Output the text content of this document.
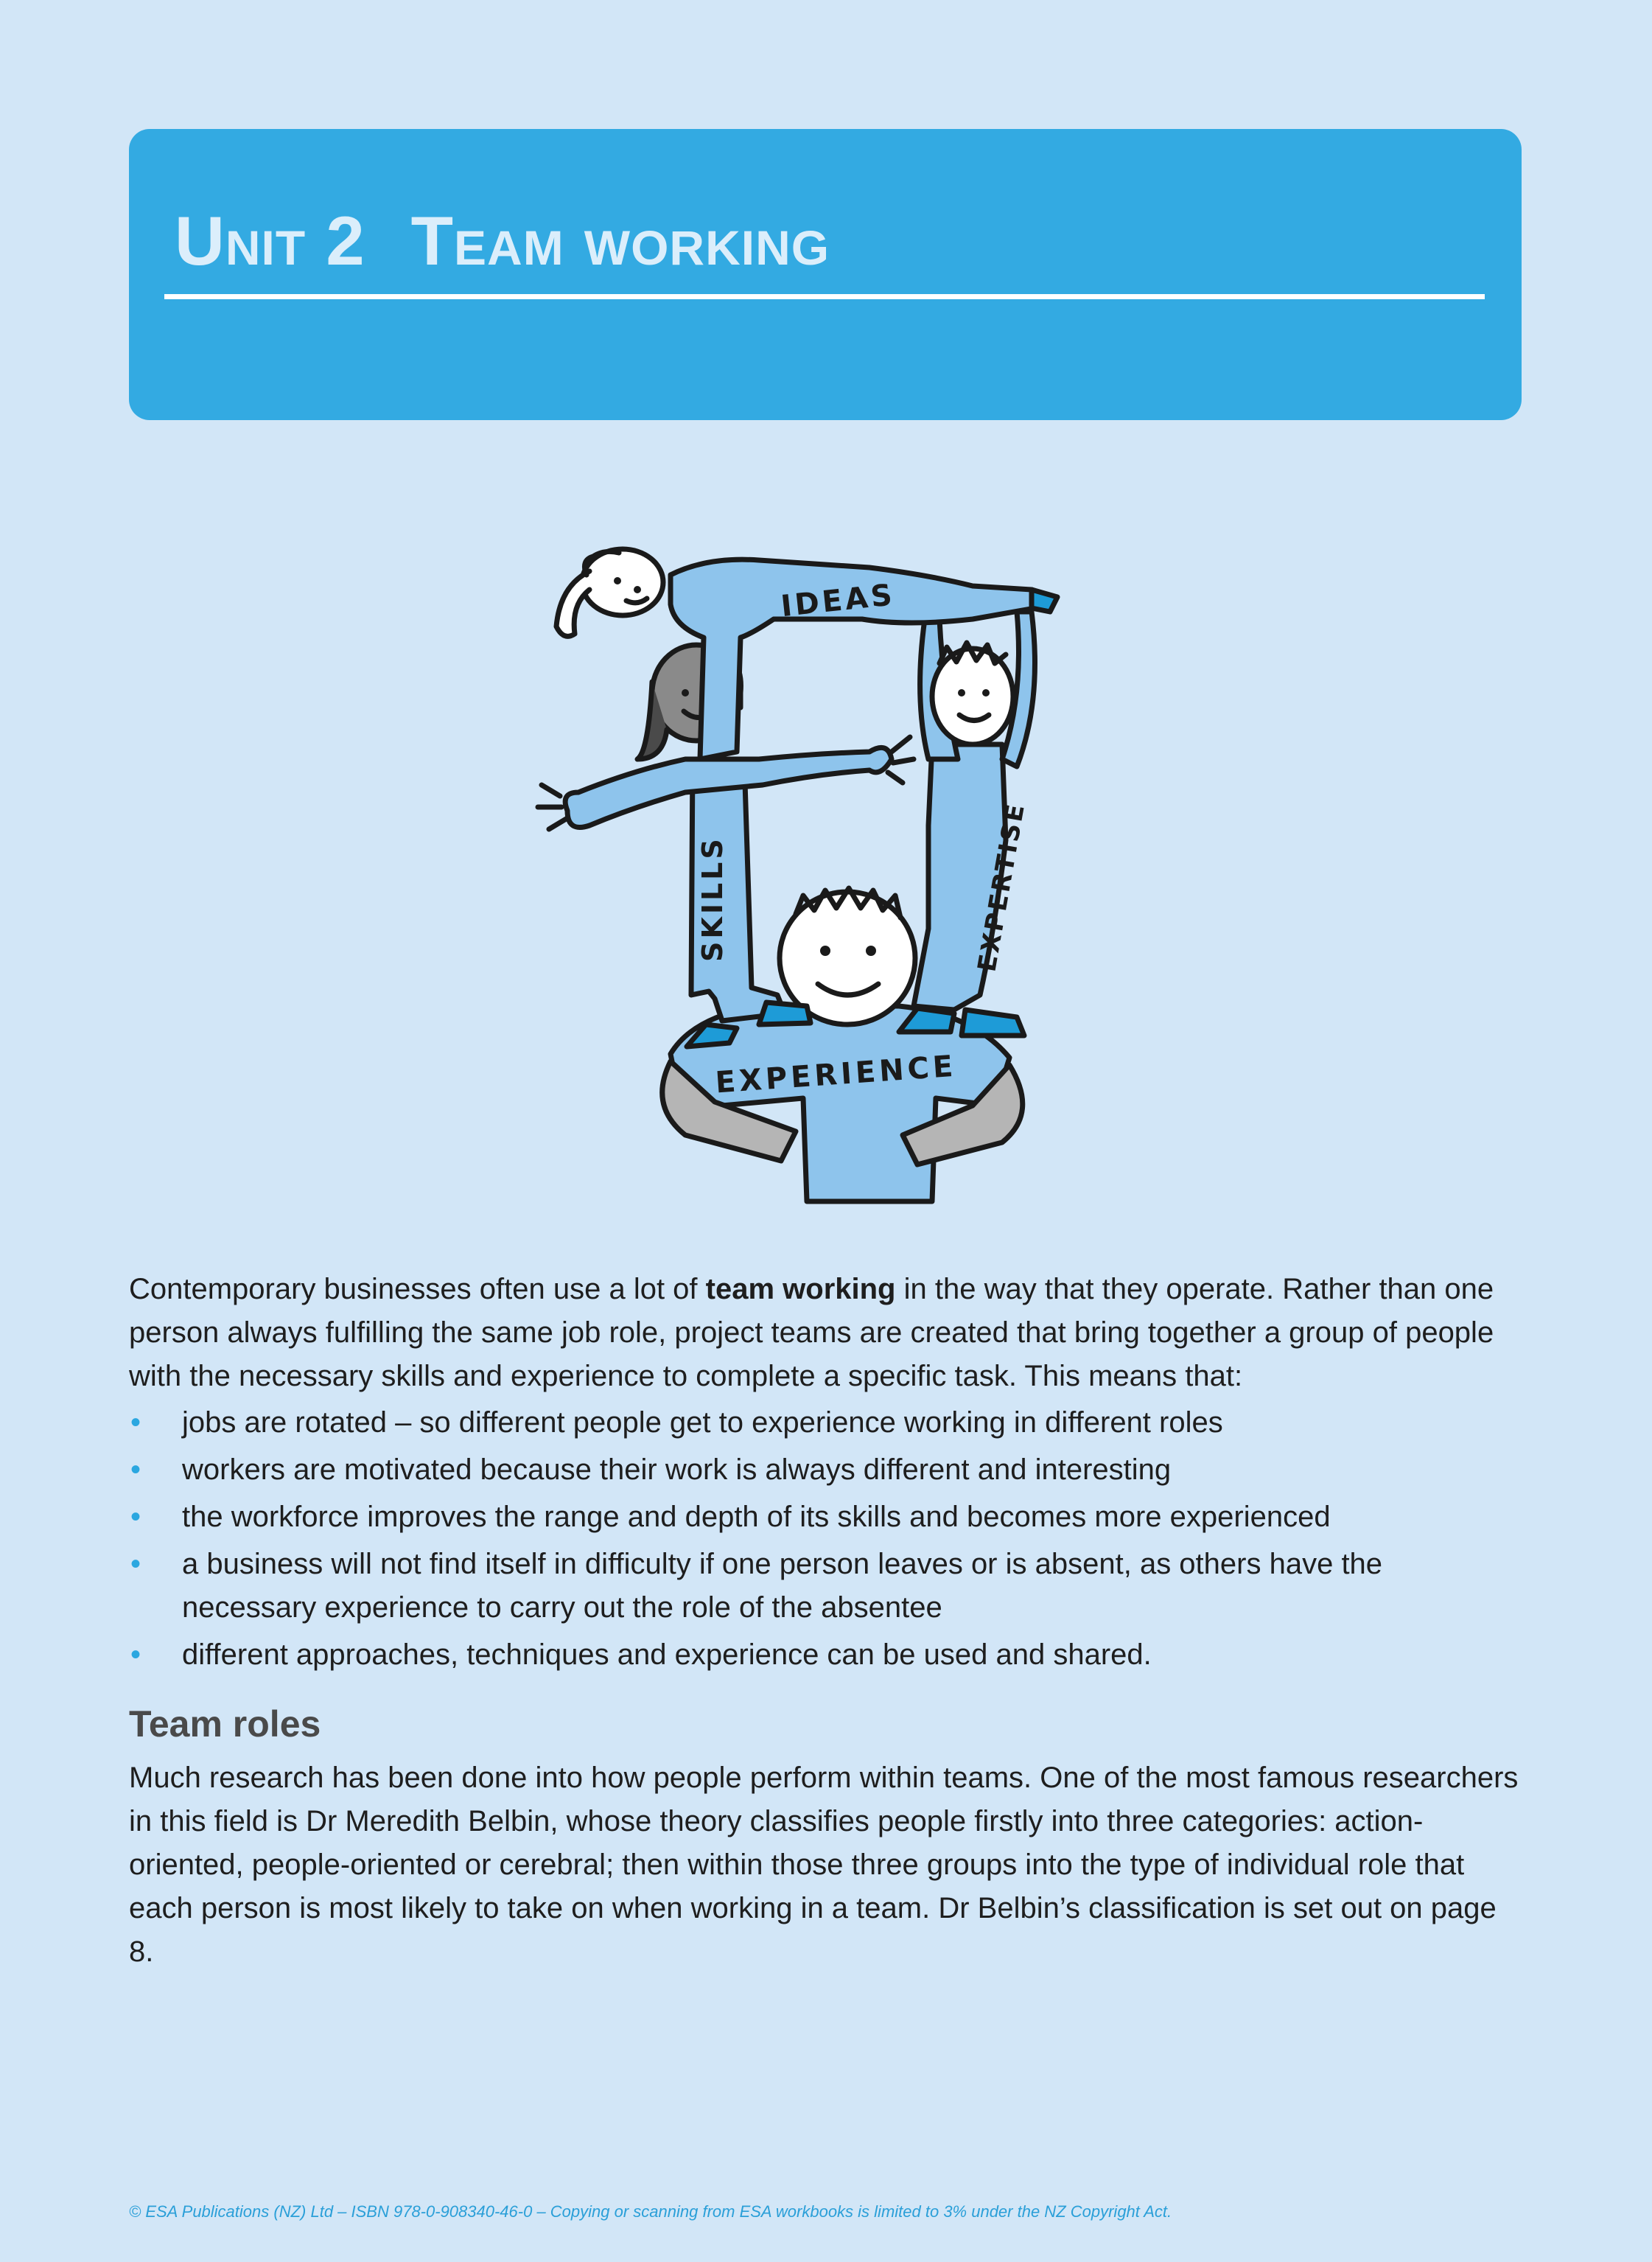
Unit 2 Team working
IDEAS
SKILLS	EXPERTISE
EXPERIENCE

Contemporary businesses often use a lot of team working in the way that they operate. Rather than one person always fulfilling the same job role, project teams are created that bring together a group of people with the necessary skills and experience to complete a specific task. This means that:

• jobs are rotated – so different people get to experience working in different roles
• workers are motivated because their work is always different and interesting
• the workforce improves the range and depth of its skills and becomes more experienced
• a business will not find itself in difficulty if one person leaves or is absent, as others have the necessary experience to carry out the role of the absentee
• different approaches, techniques and experience can be used and shared.
Team roles

Much research has been done into how people perform within teams. One of the most famous researchers in this field is Dr Meredith Belbin, whose theory classifies people firstly into three categories: action-oriented, people-oriented or cerebral; then within those three groups into the type of individual role that each person is most likely to take on when working in a team. Dr Belbin’s classification is set out on page 8.

© ESA Publications (NZ) Ltd – ISBN 978-0-908340-46-0 – Copying or scanning from ESA workbooks is limited to 3% under the NZ Copyright Act.
